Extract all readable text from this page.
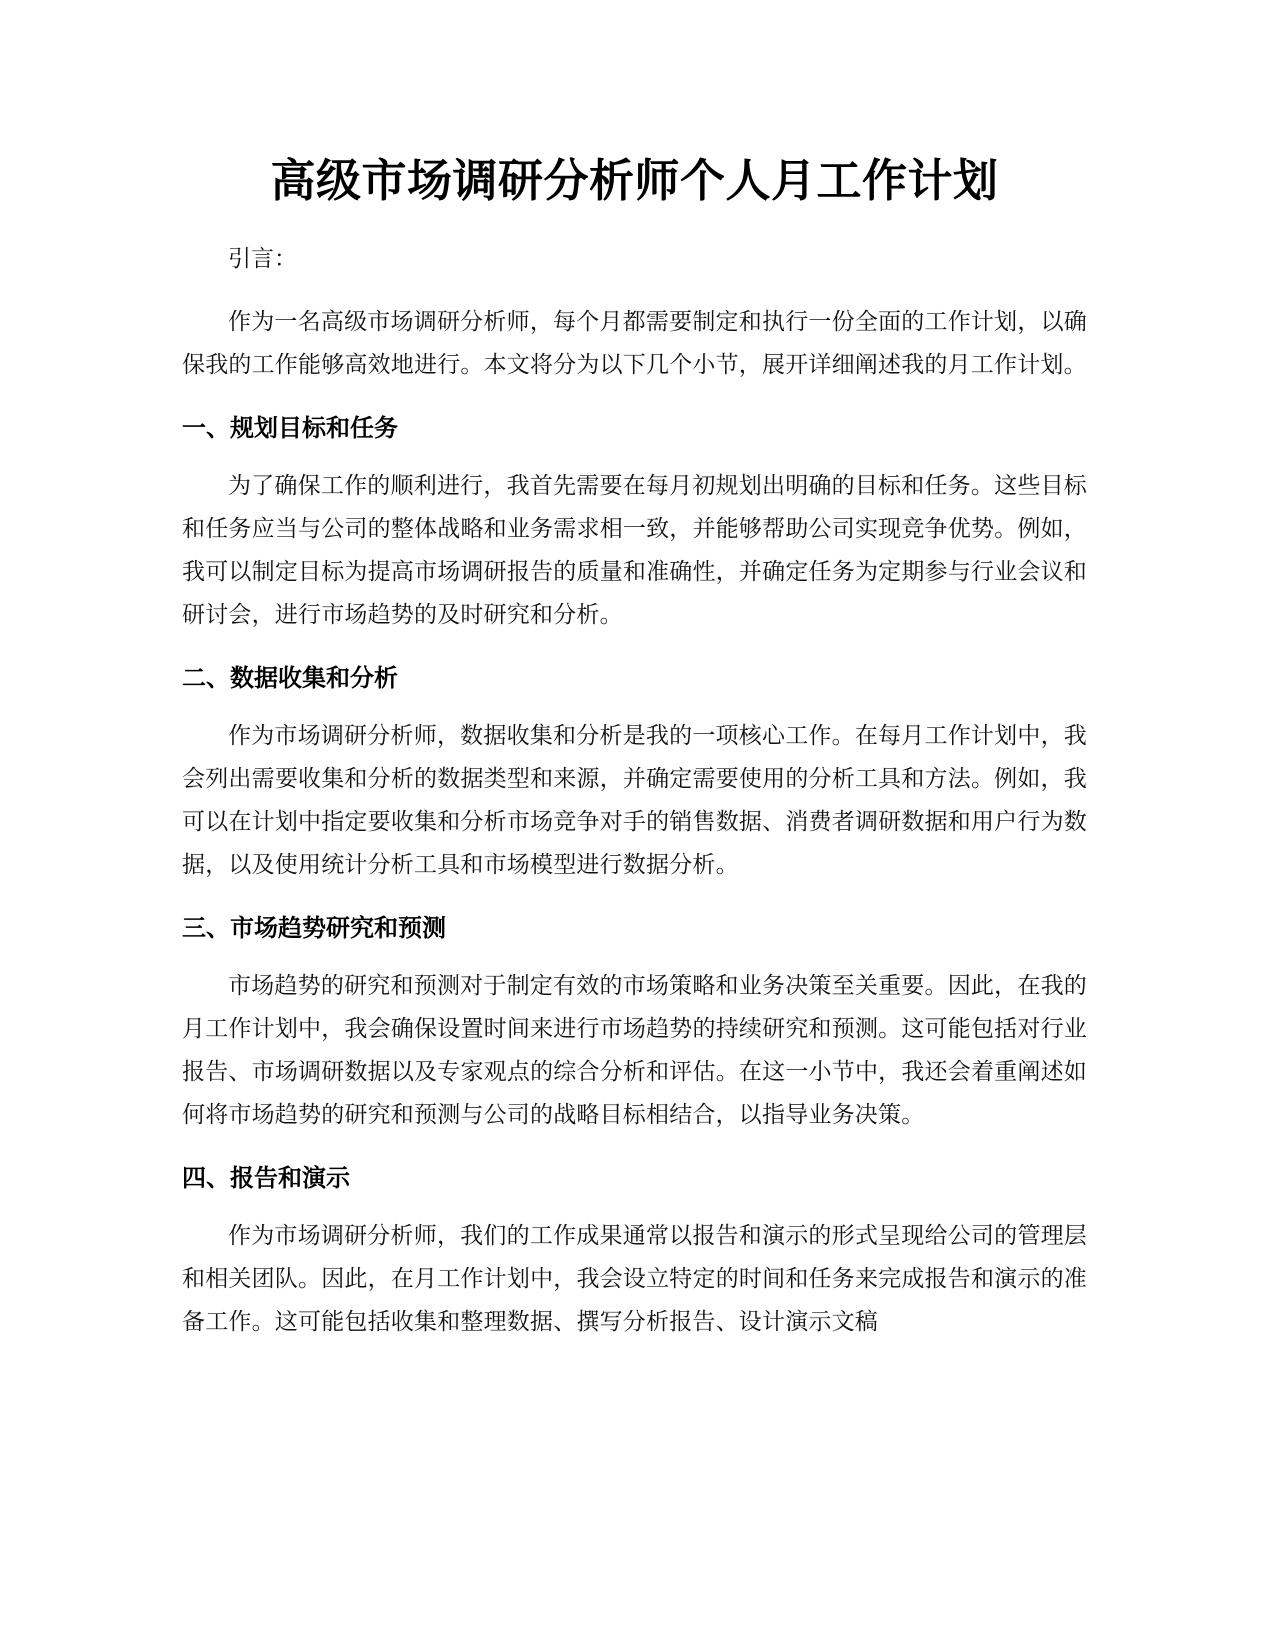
高级市场调研分析师个人月工作计划

引言：

作为一名高级市场调研分析师，每个月都需要制定和执行一份全面的工作计划，以确保我的工作能够高效地进行。本文将分为以下几个小节，展开详细阐述我的月工作计划。

一、规划目标和任务

为了确保工作的顺利进行，我首先需要在每月初规划出明确的目标和任务。这些目标和任务应当与公司的整体战略和业务需求相一致，并能够帮助公司实现竞争优势。例如，我可以制定目标为提高市场调研报告的质量和准确性，并确定任务为定期参与行业会议和研讨会，进行市场趋势的及时研究和分析。

二、数据收集和分析

作为市场调研分析师，数据收集和分析是我的一项核心工作。在每月工作计划中，我会列出需要收集和分析的数据类型和来源，并确定需要使用的分析工具和方法。例如，我可以在计划中指定要收集和分析市场竞争对手的销售数据、消费者调研数据和用户行为数据，以及使用统计分析工具和市场模型进行数据分析。

三、市场趋势研究和预测

市场趋势的研究和预测对于制定有效的市场策略和业务决策至关重要。因此，在我的月工作计划中，我会确保设置时间来进行市场趋势的持续研究和预测。这可能包括对行业报告、市场调研数据以及专家观点的综合分析和评估。在这一小节中，我还会着重阐述如何将市场趋势的研究和预测与公司的战略目标相结合，以指导业务决策。

四、报告和演示

作为市场调研分析师，我们的工作成果通常以报告和演示的形式呈现给公司的管理层和相关团队。因此，在月工作计划中，我会设立特定的时间和任务来完成报告和演示的准备工作。这可能包括收集和整理数据、撰写分析报告、设计演示文稿
